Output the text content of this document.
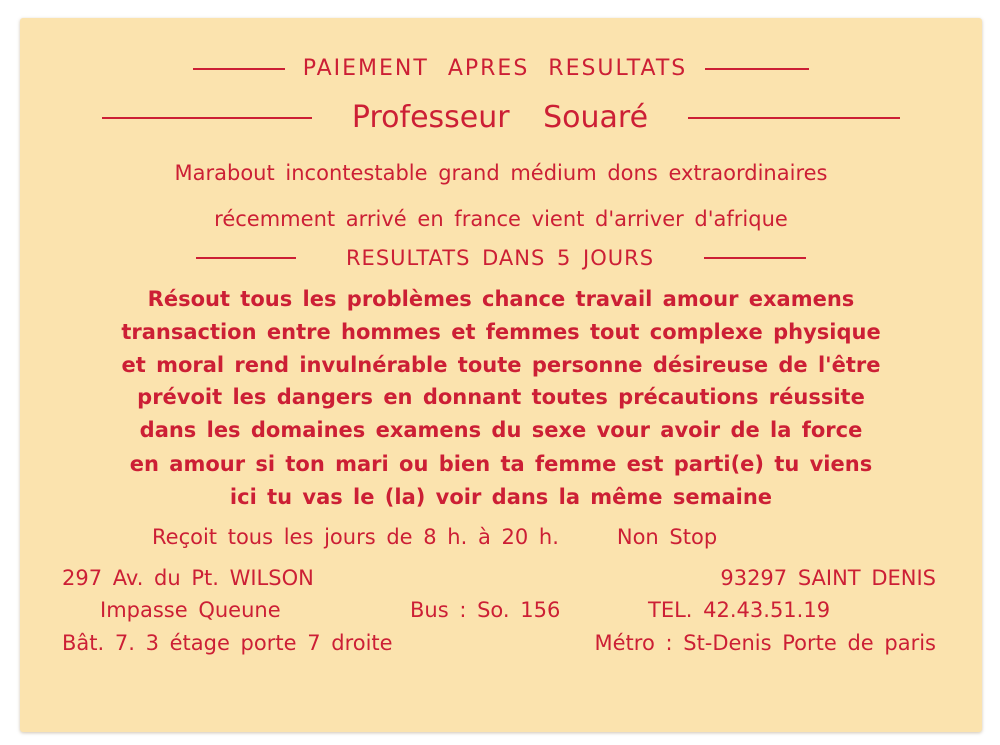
PAIEMENT APRES RESULTATS
Professeur Souaré
Marabout incontestable grand médium dons extraordinaires
récemment arrivé en france vient d'arriver d'afrique
RESULTATS DANS 5 JOURS
Résout tous les problèmes chance travail amour examens
transaction entre hommes et femmes tout complexe physique
et moral rend invulnérable toute personne désireuse de l'être
prévoit les dangers en donnant toutes précautions réussite
dans les domaines examens du sexe vour avoir de la force
en amour si ton mari ou bien ta femme est parti(e) tu viens
ici tu vas le (la) voir dans la même semaine
Reçoit tous les jours de 8 h. à 20 h.	Non Stop
297 Av. du Pt. WILSON	93297 SAINT DENIS
Impasse Queune	Bus : So. 156	TEL. 42.43.51.19
Bât. 7. 3 étage porte 7 droite	Métro : St-Denis Porte de paris
